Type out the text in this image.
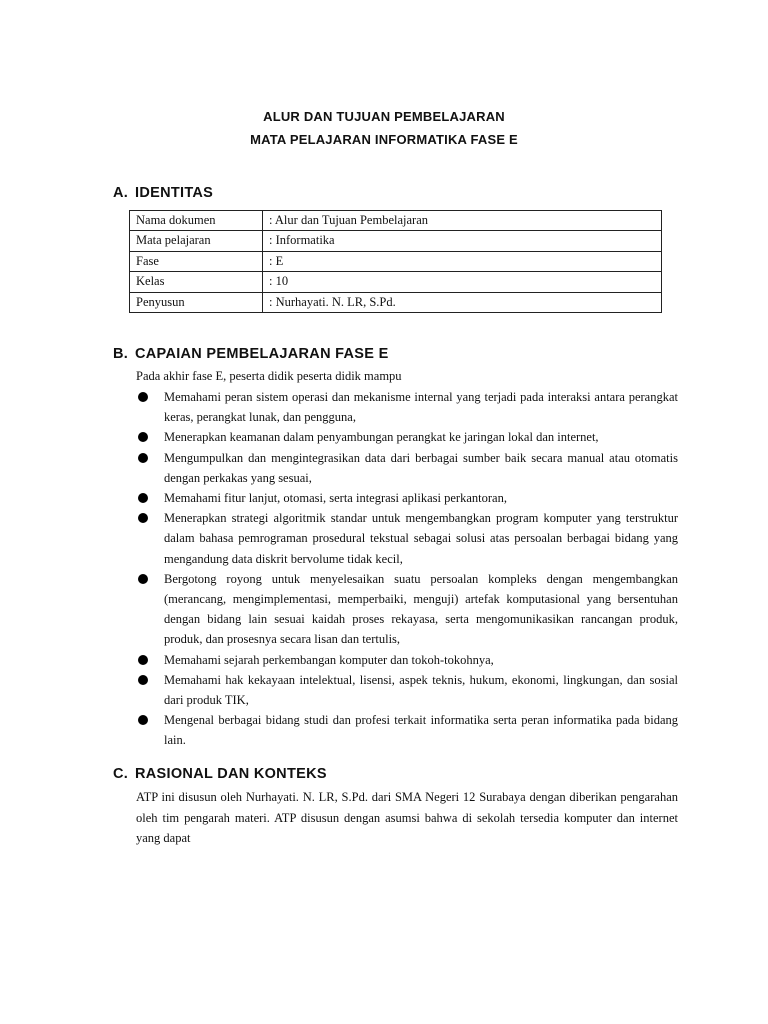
ALUR DAN TUJUAN PEMBELAJARAN
MATA PELAJARAN INFORMATIKA FASE E
A. IDENTITAS
Nama dokumen	: Alur dan Tujuan Pembelajaran
Mata pelajaran	: Informatika
Fase	: E
Kelas	: 10
Penyusun	: Nurhayati. N. LR, S.Pd.
B. CAPAIAN PEMBELAJARAN FASE E
Pada akhir fase E, peserta didik peserta didik mampu
Memahami peran sistem operasi dan mekanisme internal yang terjadi pada interaksi antara perangkat keras, perangkat lunak, dan pengguna,
Menerapkan keamanan dalam penyambungan perangkat ke jaringan lokal dan internet,
Mengumpulkan dan mengintegrasikan data dari berbagai sumber baik secara manual atau otomatis dengan perkakas yang sesuai,
Memahami fitur lanjut, otomasi, serta integrasi aplikasi perkantoran,
Menerapkan strategi algoritmik standar untuk mengembangkan program komputer yang terstruktur dalam bahasa pemrograman prosedural tekstual sebagai solusi atas persoalan berbagai bidang yang mengandung data diskrit bervolume tidak kecil,
Bergotong royong untuk menyelesaikan suatu persoalan kompleks dengan mengembangkan (merancang, mengimplementasi, memperbaiki, menguji) artefak komputasional yang bersentuhan dengan bidang lain sesuai kaidah proses rekayasa, serta mengomunikasikan rancangan produk, produk, dan prosesnya secara lisan dan tertulis,
Memahami sejarah perkembangan komputer dan tokoh-tokohnya,
Memahami hak kekayaan intelektual, lisensi, aspek teknis, hukum, ekonomi, lingkungan, dan sosial dari produk TIK,
Mengenal berbagai bidang studi dan profesi terkait informatika serta peran informatika pada bidang lain.
C. RASIONAL DAN KONTEKS
ATP ini disusun oleh Nurhayati. N. LR, S.Pd. dari SMA Negeri 12 Surabaya dengan diberikan pengarahan oleh tim pengarah materi. ATP disusun dengan asumsi bahwa di sekolah tersedia komputer dan internet yang dapat
